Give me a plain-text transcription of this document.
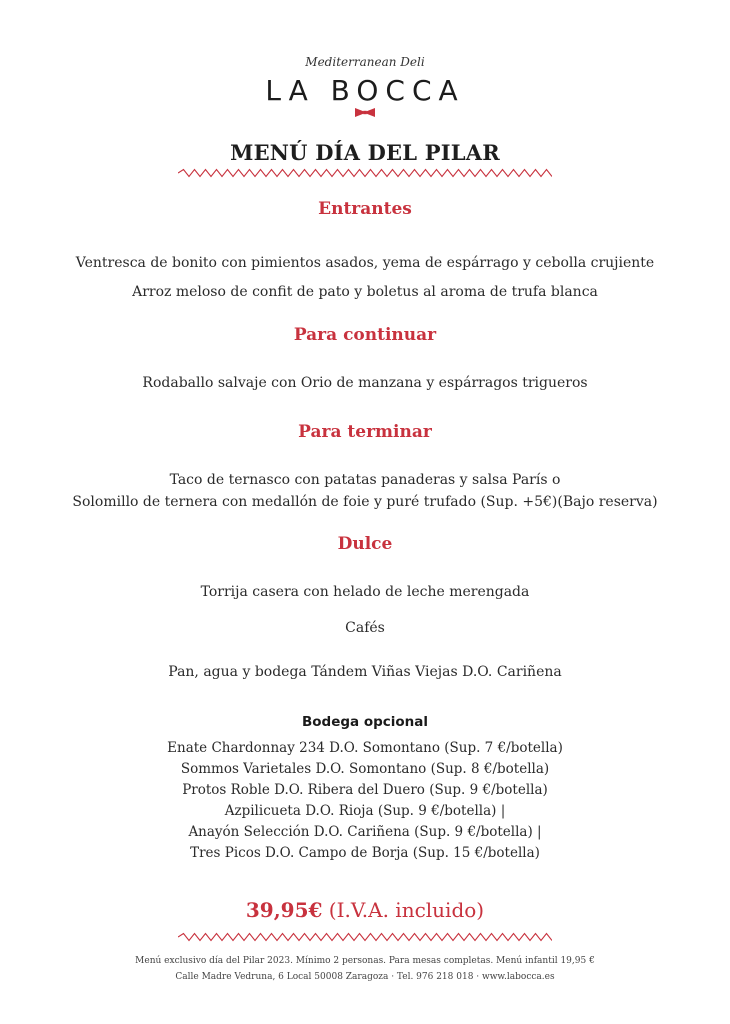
Mediterranean Deli
LA BOCCA
MENÚ DÍA DEL PILAR
Entrantes
Ventresca de bonito con pimientos asados, yema de espárrago y cebolla crujiente
Arroz meloso de confit de pato y boletus al aroma de trufa blanca
Para continuar
Rodaballo salvaje con Orio de manzana y espárragos trigueros
Para terminar
Taco de ternasco con patatas panaderas y salsa París o
Solomillo de ternera con medallón de foie y puré trufado (Sup. +5€)(Bajo reserva)
Dulce
Torrija casera con helado de leche merengada
Cafés
Pan, agua y bodega Tándem Viñas Viejas D.O. Cariñena
Bodega opcional
Enate Chardonnay 234 D.O. Somontano (Sup. 7 €/botella)
Sommos Varietales D.O. Somontano (Sup. 8 €/botella)
Protos Roble D.O. Ribera del Duero (Sup. 9 €/botella)
Azpilicueta D.O. Rioja (Sup. 9 €/botella) |
Anayón Selección D.O. Cariñena (Sup. 9 €/botella) |
Tres Picos D.O. Campo de Borja (Sup. 15 €/botella)
39,95€ (I.V.A. incluido)
Menú exclusivo día del Pilar 2023. Mínimo 2 personas. Para mesas completas. Menú infantil 19,95 €
Calle Madre Vedruna, 6 Local 50008 Zaragoza · Tel. 976 218 018 · www.labocca.es
